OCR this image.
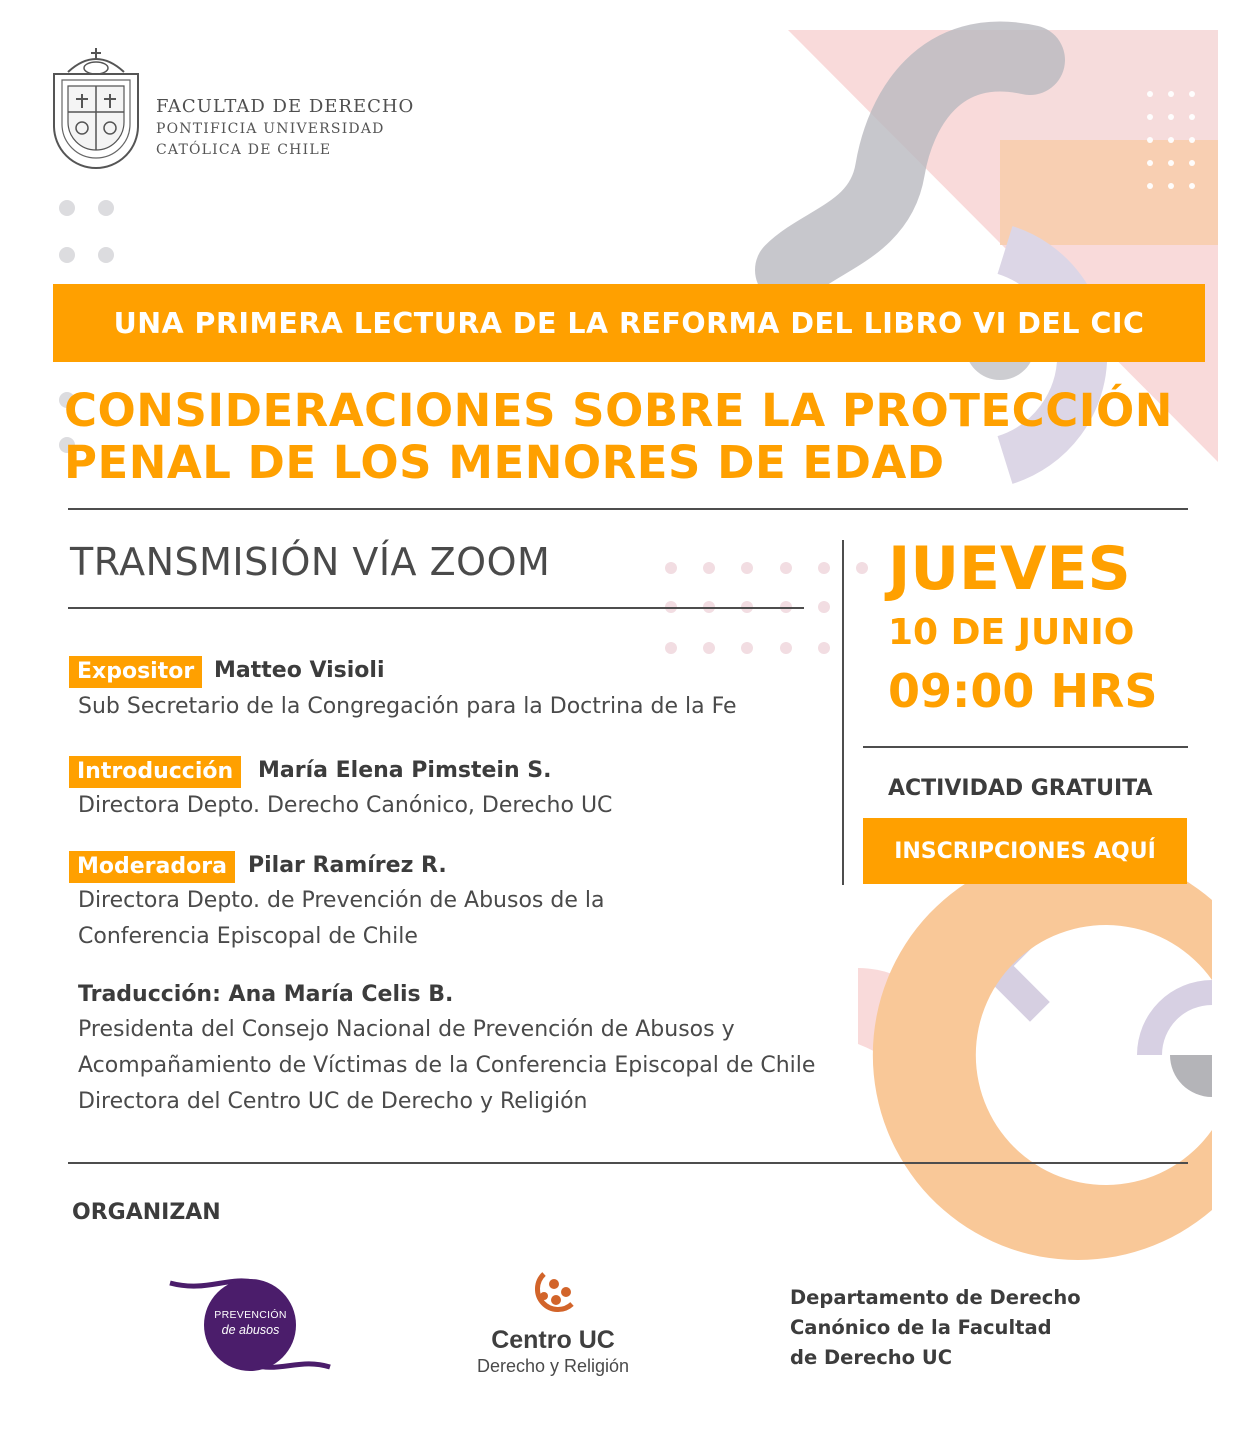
FACULTAD DE DERECHO
PONTIFICIA UNIVERSIDAD
CATÓLICA DE CHILE
UNA PRIMERA LECTURA DE LA REFORMA DEL LIBRO VI DEL CIC
CONSIDERACIONES SOBRE LA PROTECCIÓN
PENAL DE LOS MENORES DE EDAD
TRANSMISIÓN VÍA ZOOM
Expositor Matteo Visioli
Sub Secretario de la Congregación para la Doctrina de la Fe
Introducción	María Elena Pimstein S.
Directora Depto. Derecho Canónico, Derecho UC
Moderadora Pilar Ramírez R.
Directora Depto. de Prevención de Abusos de la
Conferencia Episcopal de Chile
Traducción: Ana María Celis B.
Presidenta del Consejo Nacional de Prevención de Abusos y
Acompañamiento de Víctimas de la Conferencia Episcopal de Chile
Directora del Centro UC de Derecho y Religión
JUEVES
10 DE JUNIO
09:00 HRS
ACTIVIDAD GRATUITA
INSCRIPCIONES AQUÍ
ORGANIZAN
PREVENCIÓN
de abusos	Centro UC
Derecho y Religión
Departamento de Derecho
Canónico de la Facultad
de Derecho UC
